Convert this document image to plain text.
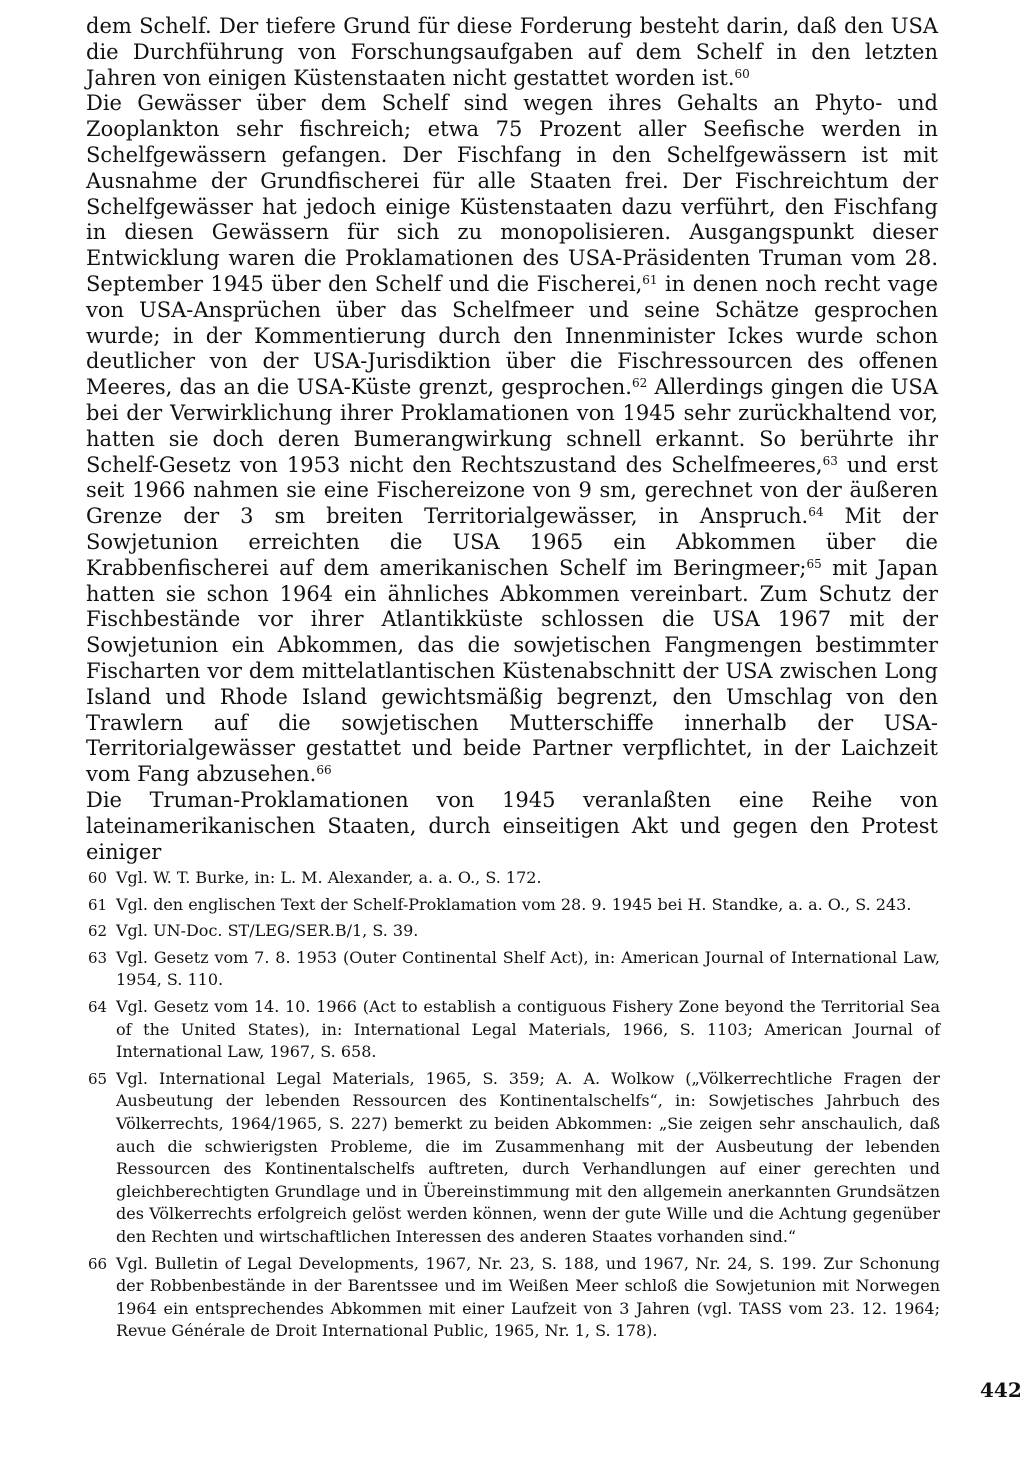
dem Schelf. Der tiefere Grund für diese Forderung besteht darin, daß den USA die Durchführung von Forschungsaufgaben auf dem Schelf in den letzten Jahren von einigen Küstenstaaten nicht gestattet worden ist.$^{60}$

Die Gewässer über dem Schelf sind wegen ihres Gehalts an Phyto- und Zooplankton sehr fischreich; etwa 75 Prozent aller Seefische werden in Schelfgewässern gefangen. Der Fischfang in den Schelfgewässern ist mit Ausnahme der Grundfischerei für alle Staaten frei. Der Fischreichtum der Schelfgewässer hat jedoch einige Küstenstaaten dazu verführt, den Fischfang in diesen Gewässern für sich zu monopolisieren. Ausgangspunkt dieser Entwicklung waren die Proklamationen des USA-Präsidenten Truman vom 28. September 1945 über den Schelf und die Fischerei,$^{61}$ in denen noch recht vage von USA-Ansprüchen über das Schelfmeer und seine Schätze gesprochen wurde; in der Kommentierung durch den Innenminister Ickes wurde schon deutlicher von der USA-Jurisdiktion über die Fischressourcen des offenen Meeres, das an die USA-Küste grenzt, gesprochen.$^{62}$ Allerdings gingen die USA bei der Verwirklichung ihrer Proklamationen von 1945 sehr zurückhaltend vor, hatten sie doch deren Bumerangwirkung schnell erkannt. So berührte ihr Schelf-Gesetz von 1953 nicht den Rechtszustand des Schelfmeeres,$^{63}$ und erst seit 1966 nahmen sie eine Fischereizone von 9 sm, gerechnet von der äußeren Grenze der 3 sm breiten Territorialgewässer, in Anspruch.$^{64}$ Mit der Sowjetunion erreichten die USA 1965 ein Abkommen über die Krabbenfischerei auf dem amerikanischen Schelf im Beringmeer;$^{65}$ mit Japan hatten sie schon 1964 ein ähnliches Abkommen vereinbart. Zum Schutz der Fischbestände vor ihrer Atlantikküste schlossen die USA 1967 mit der Sowjetunion ein Abkommen, das die sowjetischen Fangmengen bestimmter Fischarten vor dem mittelatlantischen Küstenabschnitt der USA zwischen Long Island und Rhode Island gewichtsmäßig begrenzt, den Umschlag von den Trawlern auf die sowjetischen Mutterschiffe innerhalb der USA-Territorialgewässer gestattet und beide Partner verpflichtet, in der Laichzeit vom Fang abzusehen.$^{66}$

Die Truman-Proklamationen von 1945 veranlaßten eine Reihe von lateinamerikanischen Staaten, durch einseitigen Akt und gegen den Protest einiger

60 Vgl. W. T. Burke, in: L. M. Alexander, a. a. O., S. 172.
61 Vgl. den englischen Text der Schelf-Proklamation vom 28. 9. 1945 bei H. Standke, a. a. O., S. 243.
62 Vgl. UN-Doc. ST/LEG/SER.B/1, S. 39.
63 Vgl. Gesetz vom 7. 8. 1953 (Outer Continental Shelf Act), in: American Journal of International Law, 1954, S. 110.
64 Vgl. Gesetz vom 14. 10. 1966 (Act to establish a contiguous Fishery Zone beyond the Territorial Sea of the United States), in: International Legal Materials, 1966, S. 1103; American Journal of International Law, 1967, S. 658.
65 Vgl. International Legal Materials, 1965, S. 359; A. A. Wolkow („Völkerrechtliche Fragen der Ausbeutung der lebenden Ressourcen des Kontinentalschelfs“, in: Sowjetisches Jahrbuch des Völkerrechts, 1964/1965, S. 227) bemerkt zu beiden Abkommen: „Sie zeigen sehr anschaulich, daß auch die schwierigsten Probleme, die im Zusammenhang mit der Ausbeutung der lebenden Ressourcen des Kontinentalschelfs auftreten, durch Verhandlungen auf einer gerechten und gleichberechtigten Grundlage und in Übereinstimmung mit den allgemein anerkannten Grundsätzen des Völkerrechts erfolgreich gelöst werden können, wenn der gute Wille und die Achtung gegenüber den Rechten und wirtschaftlichen Interessen des anderen Staates vorhanden sind.“
66 Vgl. Bulletin of Legal Developments, 1967, Nr. 23, S. 188, und 1967, Nr. 24, S. 199. Zur Schonung der Robbenbestände in der Barentssee und im Weißen Meer schloß die Sowjetunion mit Norwegen 1964 ein entsprechendes Abkommen mit einer Laufzeit von 3 Jahren (vgl. TASS vom 23. 12. 1964; Revue Générale de Droit International Public, 1965, Nr. 1, S. 178).
442
